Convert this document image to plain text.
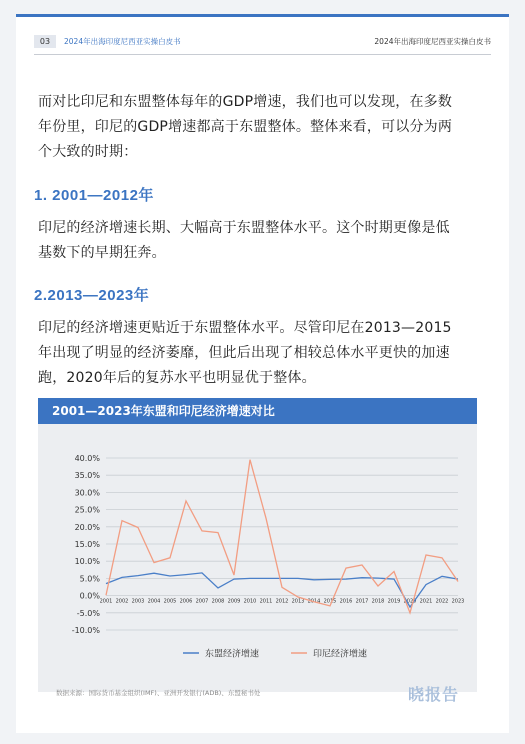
03	2024年出海印度尼西亚实操白皮书	2024年出海印度尼西亚实操白皮书

而对比印尼和东盟整体每年的GDP增速，我们也可以发现，在多数年份里，印尼的GDP增速都高于东盟整体。整体来看，可以分为两个大致的时期：

1. 2001—2012年

印尼的经济增速长期、大幅高于东盟整体水平。这个时期更像是低基数下的早期狂奔。

2.2013—2023年

印尼的经济增速更贴近于东盟整体水平。尽管印尼在2013—2015年出现了明显的经济萎靡，但此后出现了相较总体水平更快的加速跑，2020年后的复苏水平也明显优于整体。

2001—2023年东盟和印尼经济增速对比
-10.0%
-5.0%
0.0%
5.0%
10.0%
15.0%
20.0%
25.0%
30.0%
35.0%
40.0%
2001 2002 2003 2004 2005 2006 2007 2008 2009 2010 2011 2012 2013 2014 2015 2016 2017 2018 2019 2020 2021 2022 2023
东盟经济增速	印尼经济增速
数据来源：国际货币基金组织(IMF)、亚洲开发银行(ADB)、东盟秘书处	晓报告
